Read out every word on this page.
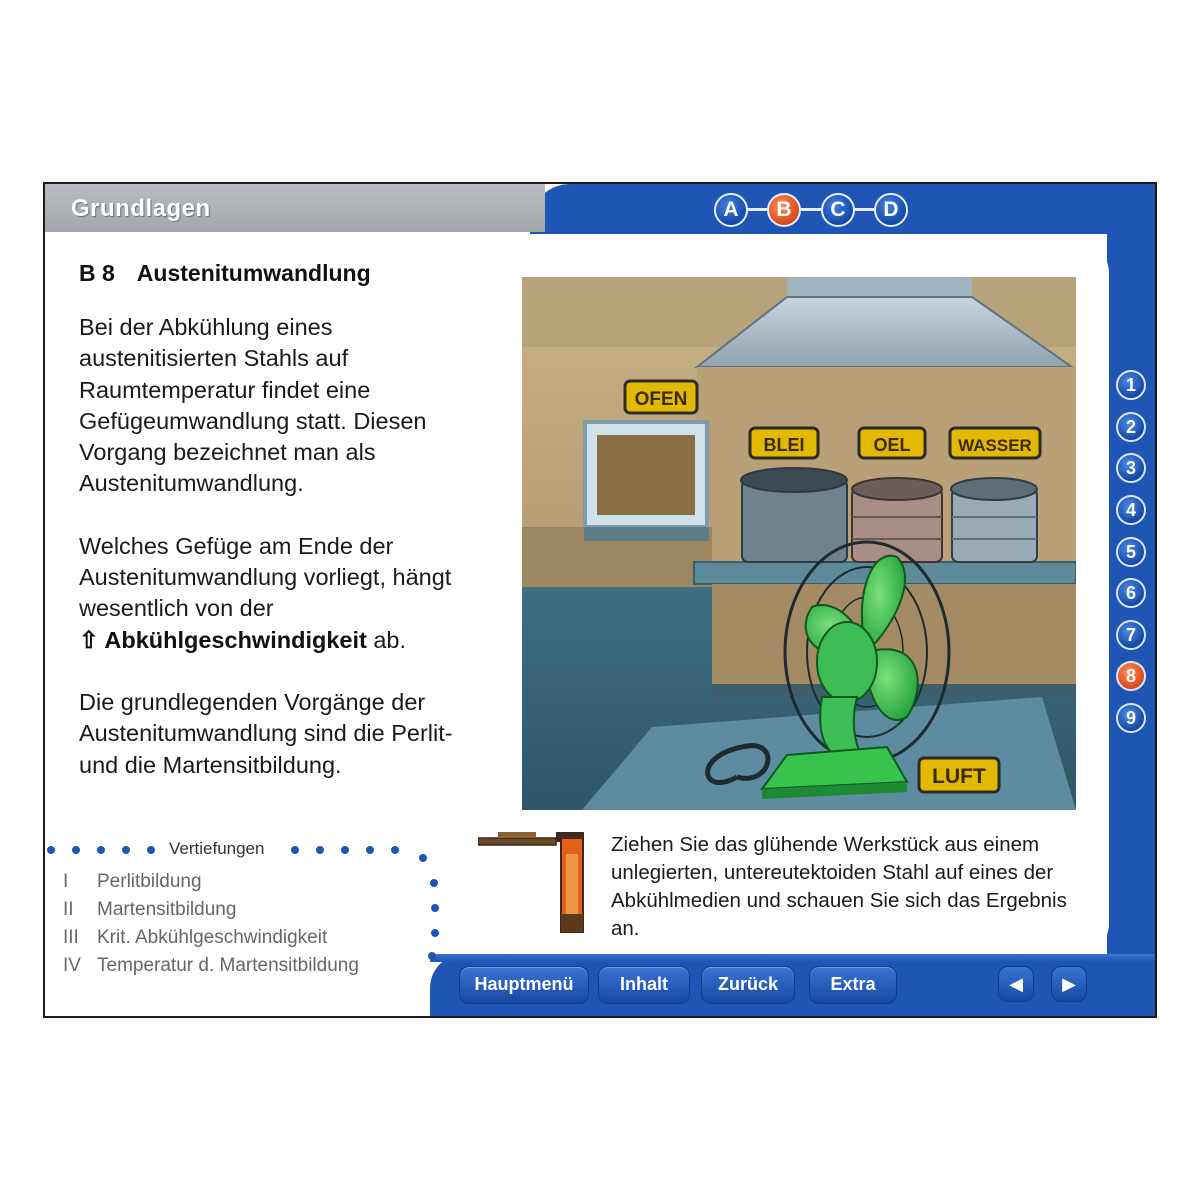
Grundlagen	A	B	C	D
1
2
3
4
5
6
7
8
9
B 8 Austenitumwandlung

Bei der Abkühlung eines austenitisierten Stahls auf Raumtemperatur findet eine Gefügeumwandlung statt. Diesen Vorgang bezeichnet man als Austenitumwandlung.

Welches Gefüge am Ende der Austenitumwandlung vorliegt, hängt wesentlich von der
⇧ Abkühlgeschwindigkeit ab.

Die grundlegenden Vorgänge der Austenitumwandlung sind die Perlit- und die Martensitbildung.

OFEN
BLEI	OEL	WASSER
LUFT
Ziehen Sie das glühende Werkstück aus einem unlegierten, untereutektoiden Stahl auf eines der Abkühlmedien und schauen Sie sich das Ergebnis an.
Vertiefungen
I Perlitbildung
II Martensitbildung
III Krit. Abkühlgeschwindigkeit
IV Temperatur d. Martensitbildung
Hauptmenü	Inhalt	Zurück	Extra	◀	▶
